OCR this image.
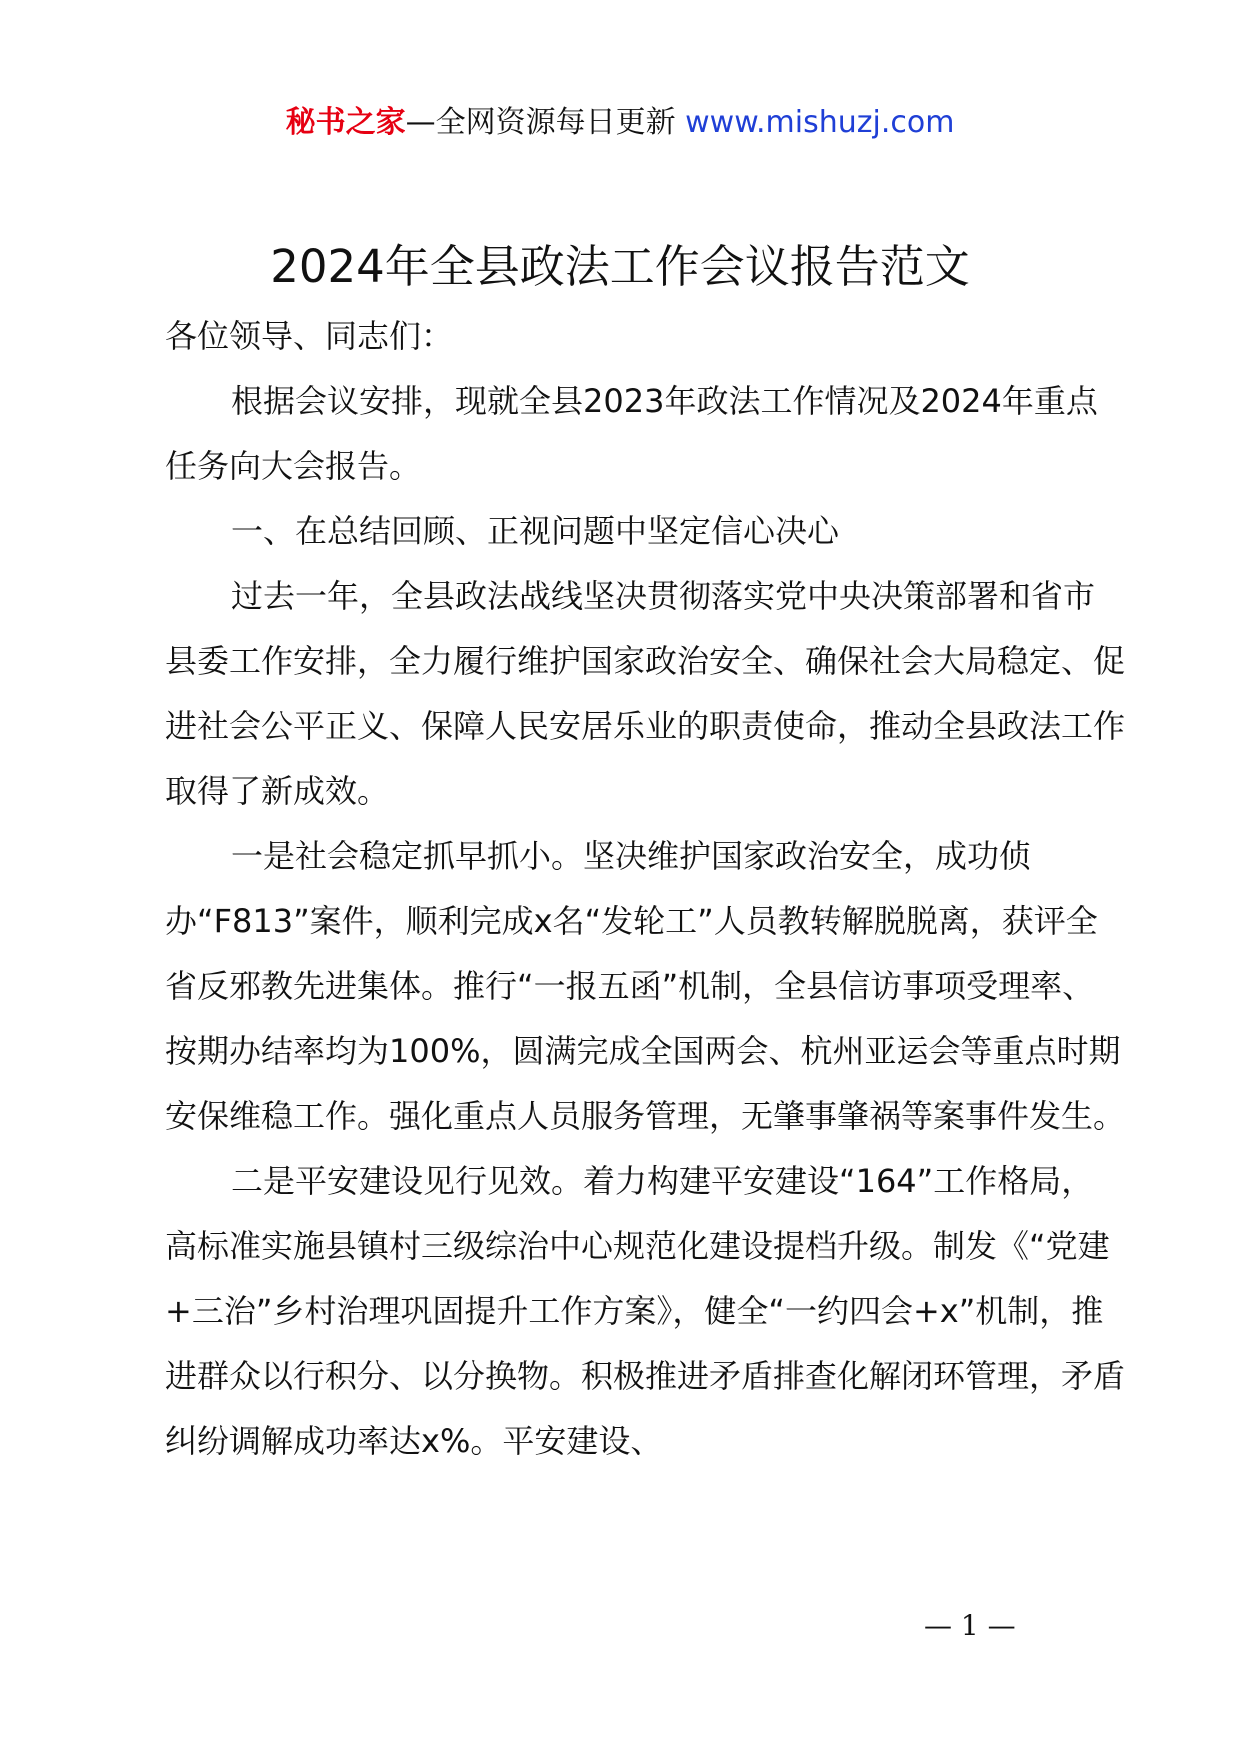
秘书之家—全网资源每日更新 www.mishuzj.com
2024年全县政法工作会议报告范文

各位领导、同志们：

根据会议安排，现就全县2023年政法工作情况及2024年重点任务向大会报告。

一、在总结回顾、正视问题中坚定信心决心

过去一年，全县政法战线坚决贯彻落实党中央决策部署和省市县委工作安排，全力履行维护国家政治安全、确保社会大局稳定、促进社会公平正义、保障人民安居乐业的职责使命，推动全县政法工作取得了新成效。

一是社会稳定抓早抓小。坚决维护国家政治安全，成功侦办“F813”案件，顺利完成x名“发轮工”人员教转解脱脱离，获评全省反邪教先进集体。推行“一报五函”机制，全县信访事项受理率、按期办结率均为100%，圆满完成全国两会、杭州亚运会等重点时期安保维稳工作。强化重点人员服务管理，无肇事肇祸等案事件发生。

二是平安建设见行见效。着力构建平安建设“164”工作格局，高标准实施县镇村三级综治中心规范化建设提档升级。制发《“党建+三治”乡村治理巩固提升工作方案》，健全“一约四会+x”机制，推进群众以行积分、以分换物。积极推进矛盾排查化解闭环管理，矛盾纠纷调解成功率达x%。平安建设、

— 1 —
